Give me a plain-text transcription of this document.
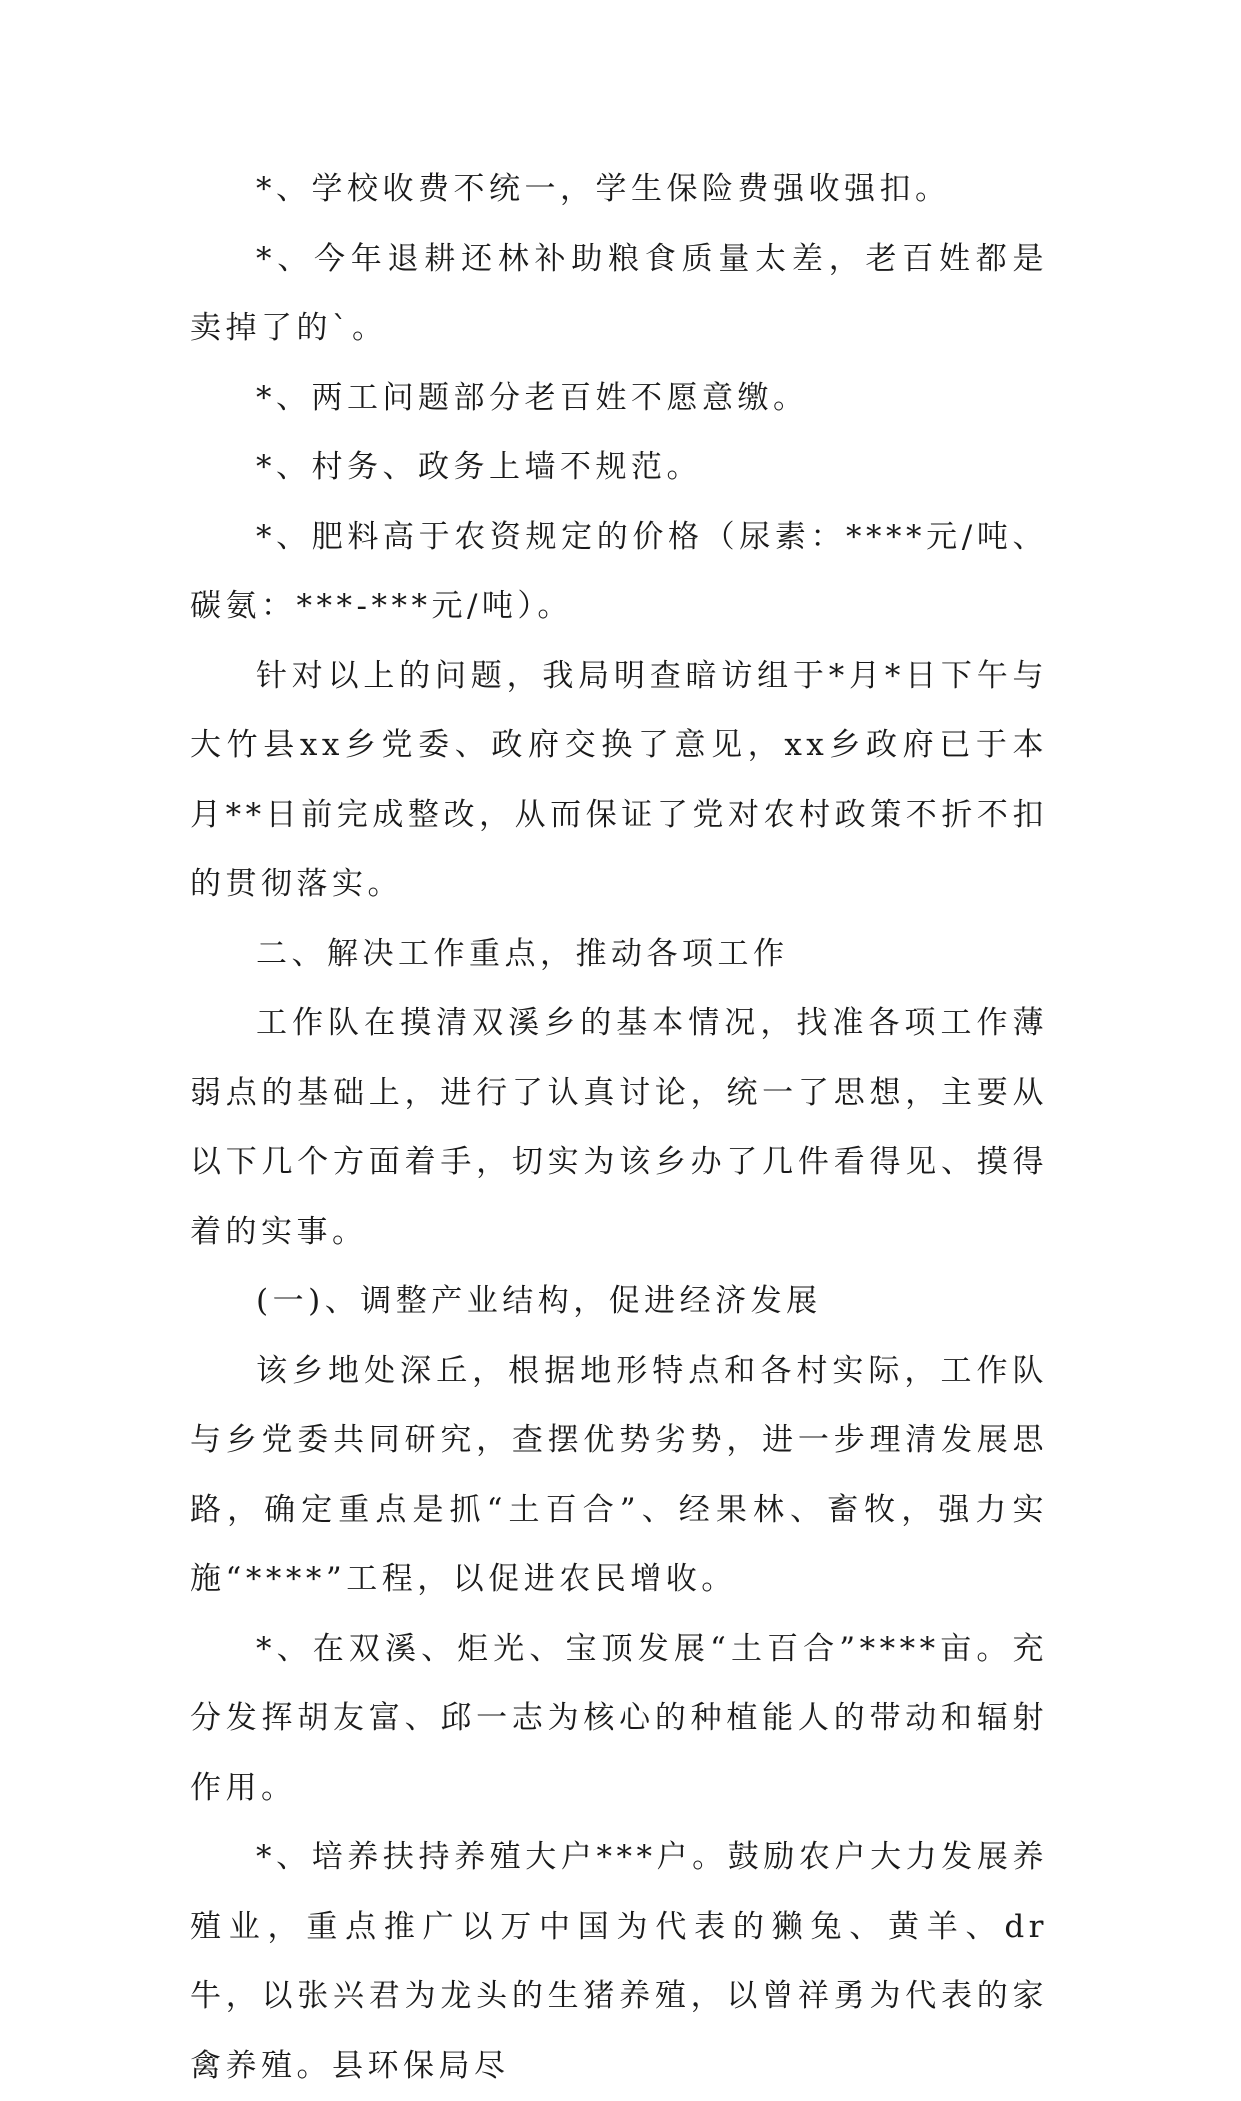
*、学校收费不统一，学生保险费强收强扣。

*、今年退耕还林补助粮食质量太差，老百姓都是卖掉了的`。

*、两工问题部分老百姓不愿意缴。

*、村务、政务上墙不规范。

*、肥料高于农资规定的价格（尿素：****元/吨、碳氨：***-***元/吨）。

针对以上的问题，我局明查暗访组于*月*日下午与大竹县xx乡党委、政府交换了意见，xx乡政府已于本月**日前完成整改，从而保证了党对农村政策不折不扣的贯彻落实。

二、解决工作重点，推动各项工作

工作队在摸清双溪乡的基本情况，找准各项工作薄弱点的基础上，进行了认真讨论，统一了思想，主要从以下几个方面着手，切实为该乡办了几件看得见、摸得着的实事。

(一)、调整产业结构，促进经济发展

该乡地处深丘，根据地形特点和各村实际，工作队与乡党委共同研究，查摆优势劣势，进一步理清发展思路，确定重点是抓“土百合”、经果林、畜牧，强力实施“****”工程，以促进农民增收。

*、在双溪、炬光、宝顶发展“土百合”****亩。充分发挥胡友富、邱一志为核心的种植能人的带动和辐射作用。

*、培养扶持养殖大户***户。鼓励农户大力发展养殖业，重点推广以万中国为代表的獭兔、黄羊、dr牛，以张兴君为龙头的生猪养殖，以曾祥勇为代表的家禽养殖。县环保局尽
